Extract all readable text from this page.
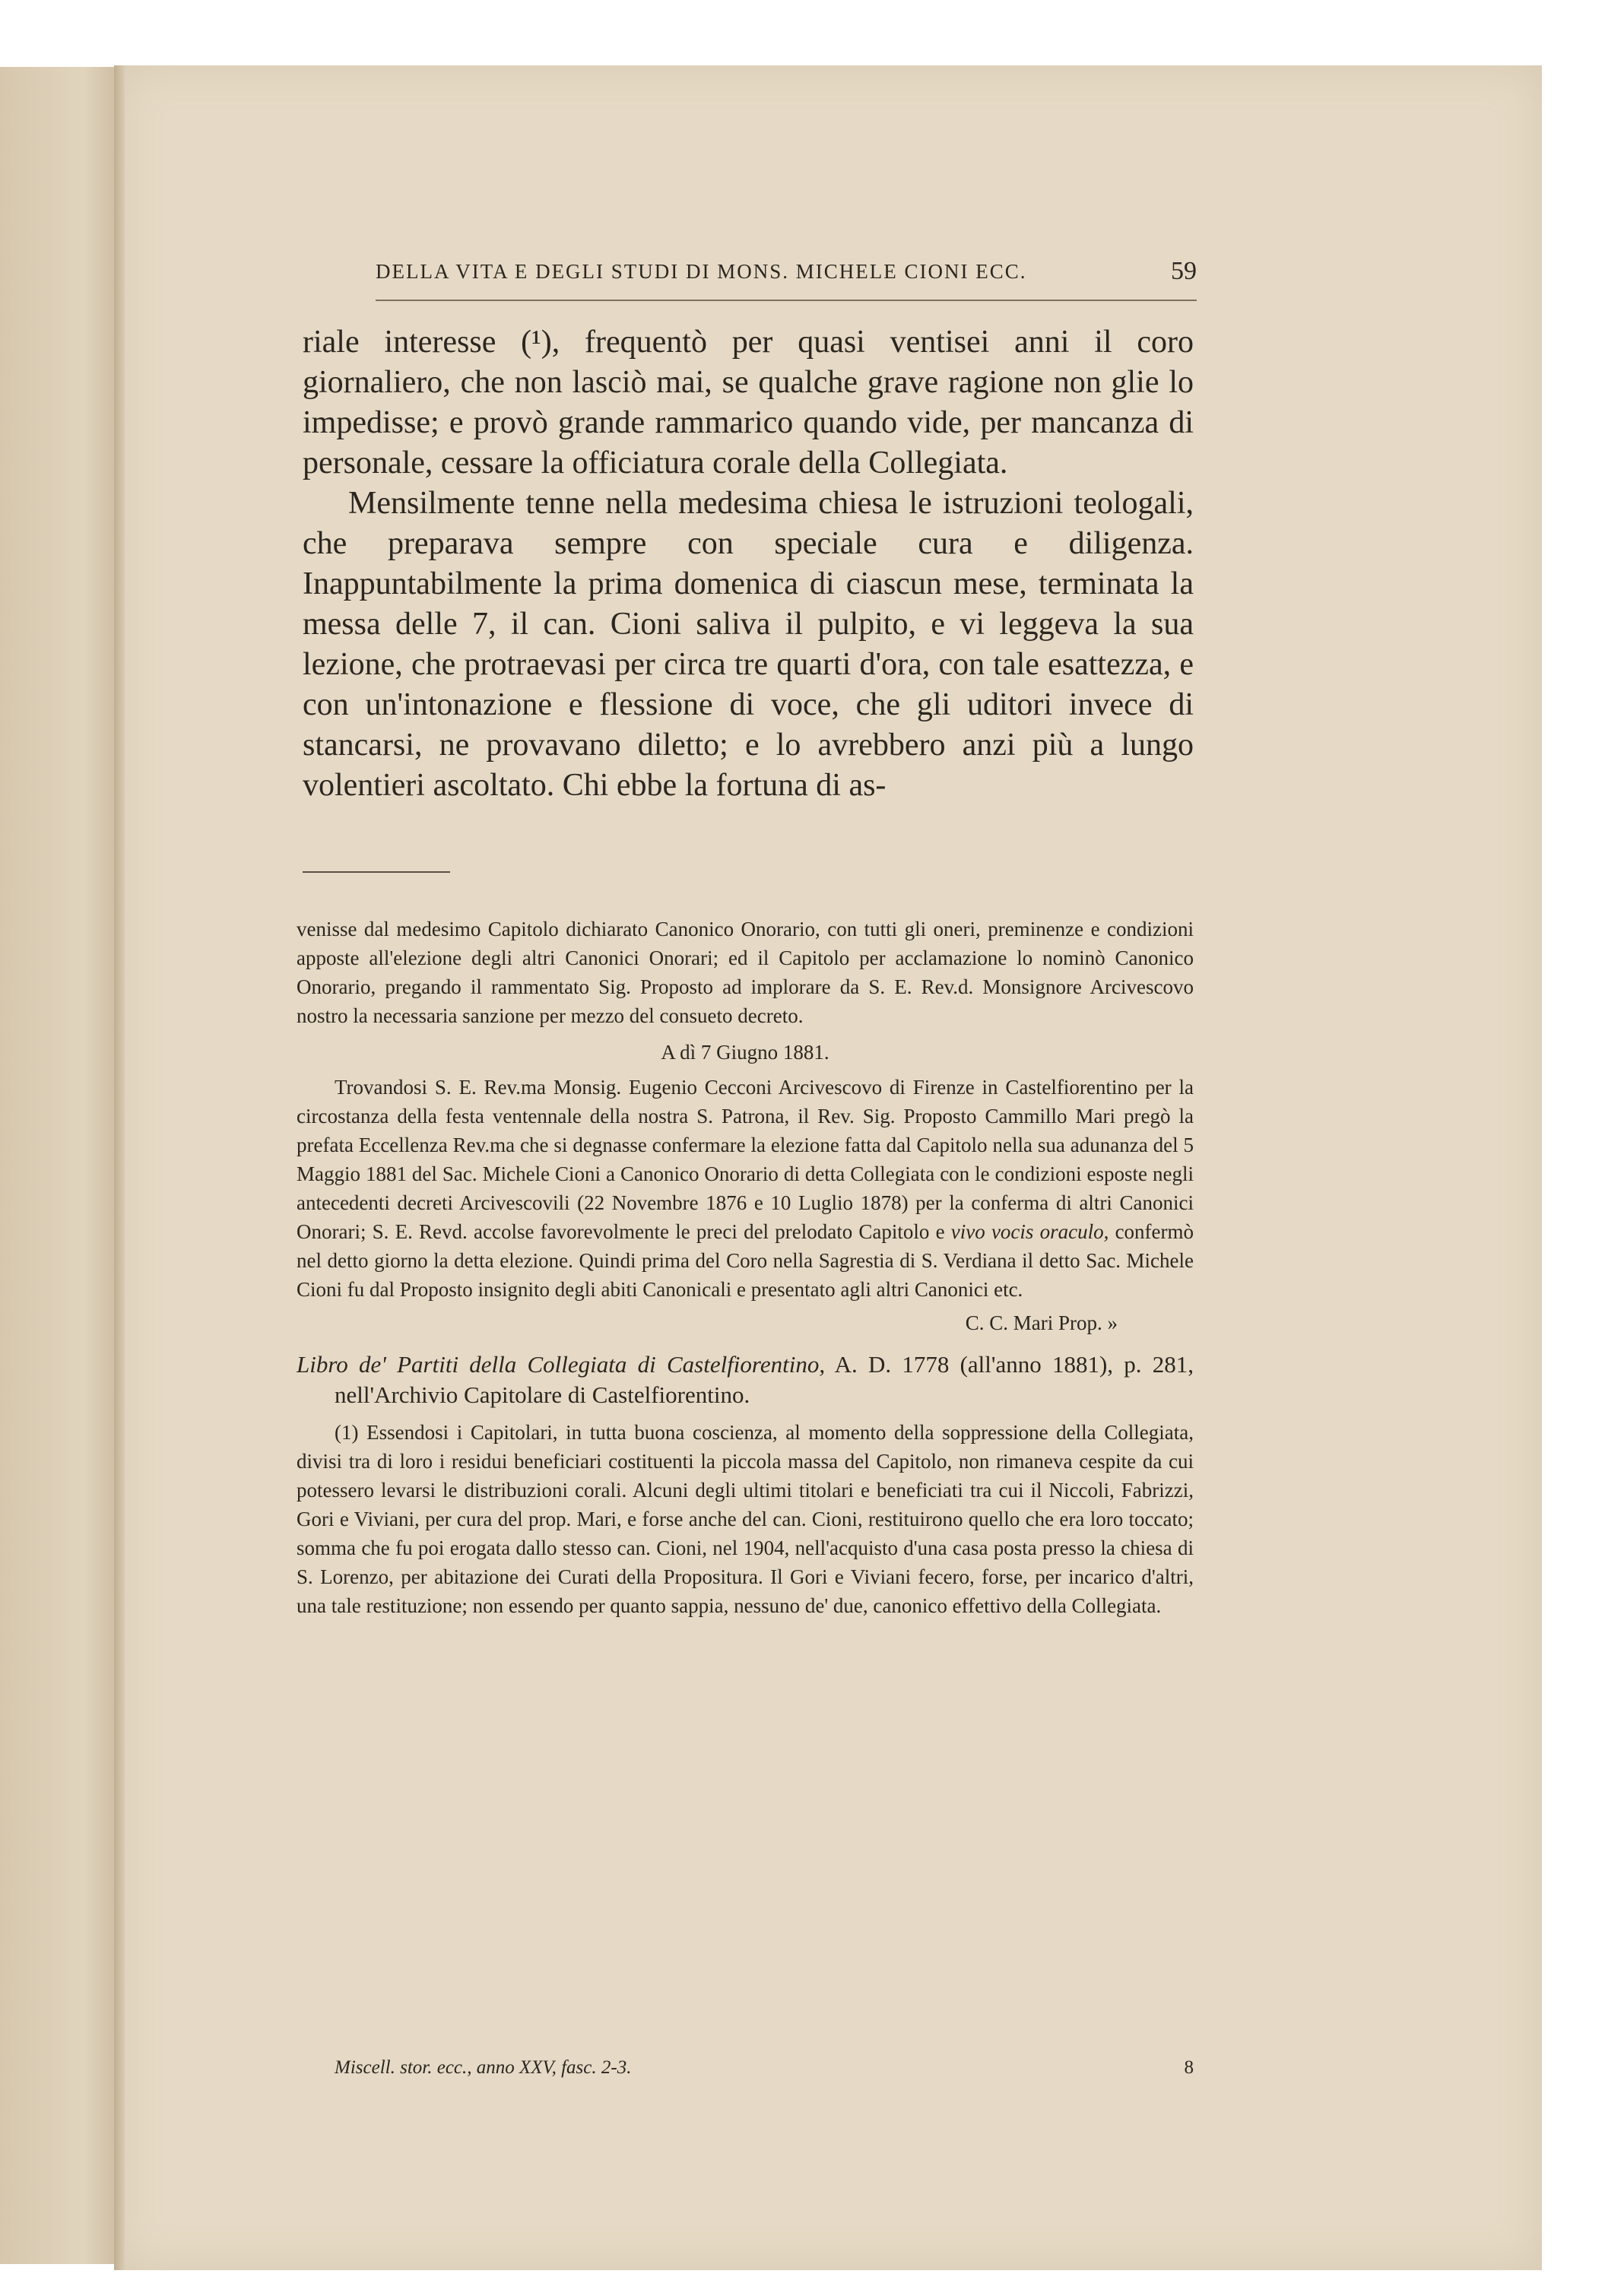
DELLA VITA E DEGLI STUDI DI MONS. MICHELE CIONI ECC.	59

riale interesse (¹), frequentò per quasi ventisei anni il coro giornaliero, che non lasciò mai, se qualche grave ragione non glie lo impedisse; e provò grande rammarico quando vide, per mancanza di personale, cessare la officiatura corale della Collegiata.

Mensilmente tenne nella medesima chiesa le istruzioni teologali, che preparava sempre con speciale cura e diligenza. Inappuntabilmente la prima domenica di ciascun mese, terminata la messa delle 7, il can. Cioni saliva il pulpito, e vi leggeva la sua lezione, che protraevasi per circa tre quarti d'ora, con tale esattezza, e con un'intonazione e flessione di voce, che gli uditori invece di stancarsi, ne provavano diletto; e lo avrebbero anzi più a lungo volentieri ascoltato. Chi ebbe la fortuna di as-

venisse dal medesimo Capitolo dichiarato Canonico Onorario, con tutti gli oneri, preminenze e condizioni apposte all'elezione degli altri Canonici Onorari; ed il Capitolo per acclamazione lo nominò Canonico Onorario, pregando il rammentato Sig. Proposto ad implorare da S. E. Rev.d. Monsignore Arcivescovo nostro la necessaria sanzione per mezzo del consueto decreto.

A dì 7 Giugno 1881.

Trovandosi S. E. Rev.ma Monsig. Eugenio Cecconi Arcivescovo di Firenze in Castelfiorentino per la circostanza della festa ventennale della nostra S. Patrona, il Rev. Sig. Proposto Cammillo Mari pregò la prefata Eccellenza Rev.ma che si degnasse confermare la elezione fatta dal Capitolo nella sua adunanza del 5 Maggio 1881 del Sac. Michele Cioni a Canonico Onorario di detta Collegiata con le condizioni esposte negli antecedenti decreti Arcivescovili (22 Novembre 1876 e 10 Luglio 1878) per la conferma di altri Canonici Onorari; S. E. Revd. accolse favorevolmente le preci del prelodato Capitolo e vivo vocis oraculo, confermò nel detto giorno la detta elezione. Quindi prima del Coro nella Sagrestia di S. Verdiana il detto Sac. Michele Cioni fu dal Proposto insignito degli abiti Canonicali e presentato agli altri Canonici etc.

C. C. Mari Prop. »

Libro de' Partiti della Collegiata di Castelfiorentino, A. D. 1778 (all'anno 1881), p. 281, nell'Archivio Capitolare di Castelfiorentino.

(1) Essendosi i Capitolari, in tutta buona coscienza, al momento della soppressione della Collegiata, divisi tra di loro i residui beneficiari costituenti la piccola massa del Capitolo, non rimaneva cespite da cui potessero levarsi le distribuzioni corali. Alcuni degli ultimi titolari e beneficiati tra cui il Niccoli, Fabrizzi, Gori e Viviani, per cura del prop. Mari, e forse anche del can. Cioni, restituirono quello che era loro toccato; somma che fu poi erogata dallo stesso can. Cioni, nel 1904, nell'acquisto d'una casa posta presso la chiesa di S. Lorenzo, per abitazione dei Curati della Propositura. Il Gori e Viviani fecero, forse, per incarico d'altri, una tale restituzione; non essendo per quanto sappia, nessuno de' due, canonico effettivo della Collegiata.

Miscell. stor. ecc., anno XXV, fasc. 2-3.	8
